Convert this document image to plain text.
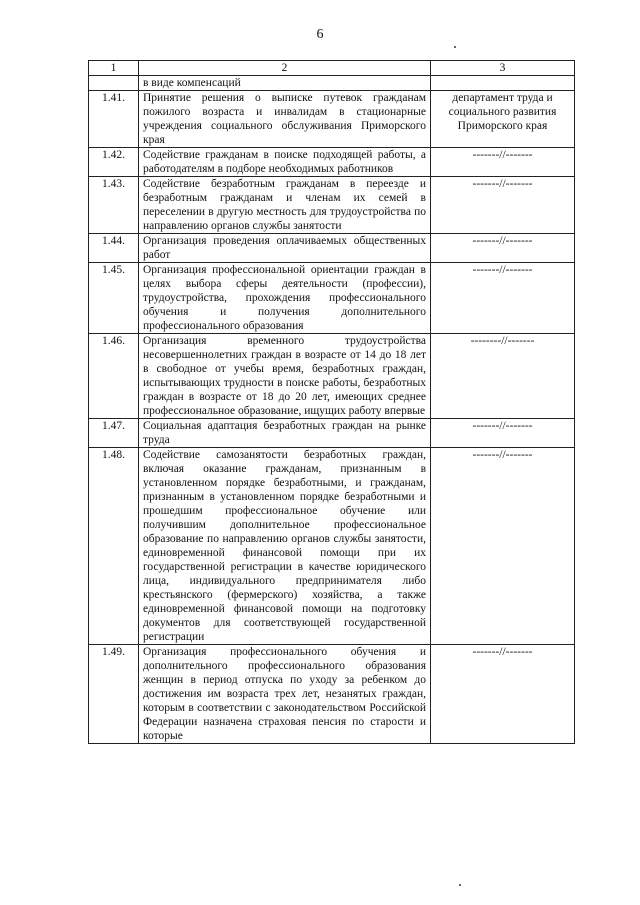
6
1	2	3
	в виде компенсаций	
1.41.	Принятие решения о выписке путевок гражданам пожилого возраста и инвалидам в стационарные учреждения социального обслуживания Приморского края	департамент труда и социального развития Приморского края
1.42.	Содействие гражданам в поиске подходящей работы, а работодателям в подборе необходимых работников	-------//-------
1.43.	Содействие безработным гражданам в переезде и безработным гражданам и членам их семей в переселении в другую местность для трудоустройства по направлению органов службы занятости	-------//-------
1.44.	Организация проведения оплачиваемых общественных работ	-------//-------
1.45.	Организация профессиональной ориентации граждан в целях выбора сферы деятельности (профессии), трудоустройства, прохождения профессионального обучения и получения дополнительного профессионального образования	-------//-------
1.46.	Организация временного трудоустройства несовершеннолетних граждан в возрасте от 14 до 18 лет в свободное от учебы время, безработных граждан, испытывающих трудности в поиске работы, безработных граждан в возрасте от 18 до 20 лет, имеющих среднее профессиональное образование, ищущих работу впервые	--------//-------
1.47.	Социальная адаптация безработных граждан на рынке труда	-------//-------
1.48.	Содействие самозанятости безработных граждан, включая оказание гражданам, признанным в установленном порядке безработными, и гражданам, признанным в установленном порядке безработными и прошедшим профессиональное обучение или получившим дополнительное профессиональное образование по направлению органов службы занятости, единовременной финансовой помощи при их государственной регистрации в качестве юридического лица, индивидуального предпринимателя либо крестьянского (фермерского) хозяйства, а также единовременной финансовой помощи на подготовку документов для соответствующей государственной регистрации	-------//-------
1.49.	Организация профессионального обучения и дополнительного профессионального образования женщин в период отпуска по уходу за ребенком до достижения им возраста трех лет, незанятых граждан, которым в соответствии с законодательством Российской Федерации назначена страховая пенсия по старости и которые	-------//-------
